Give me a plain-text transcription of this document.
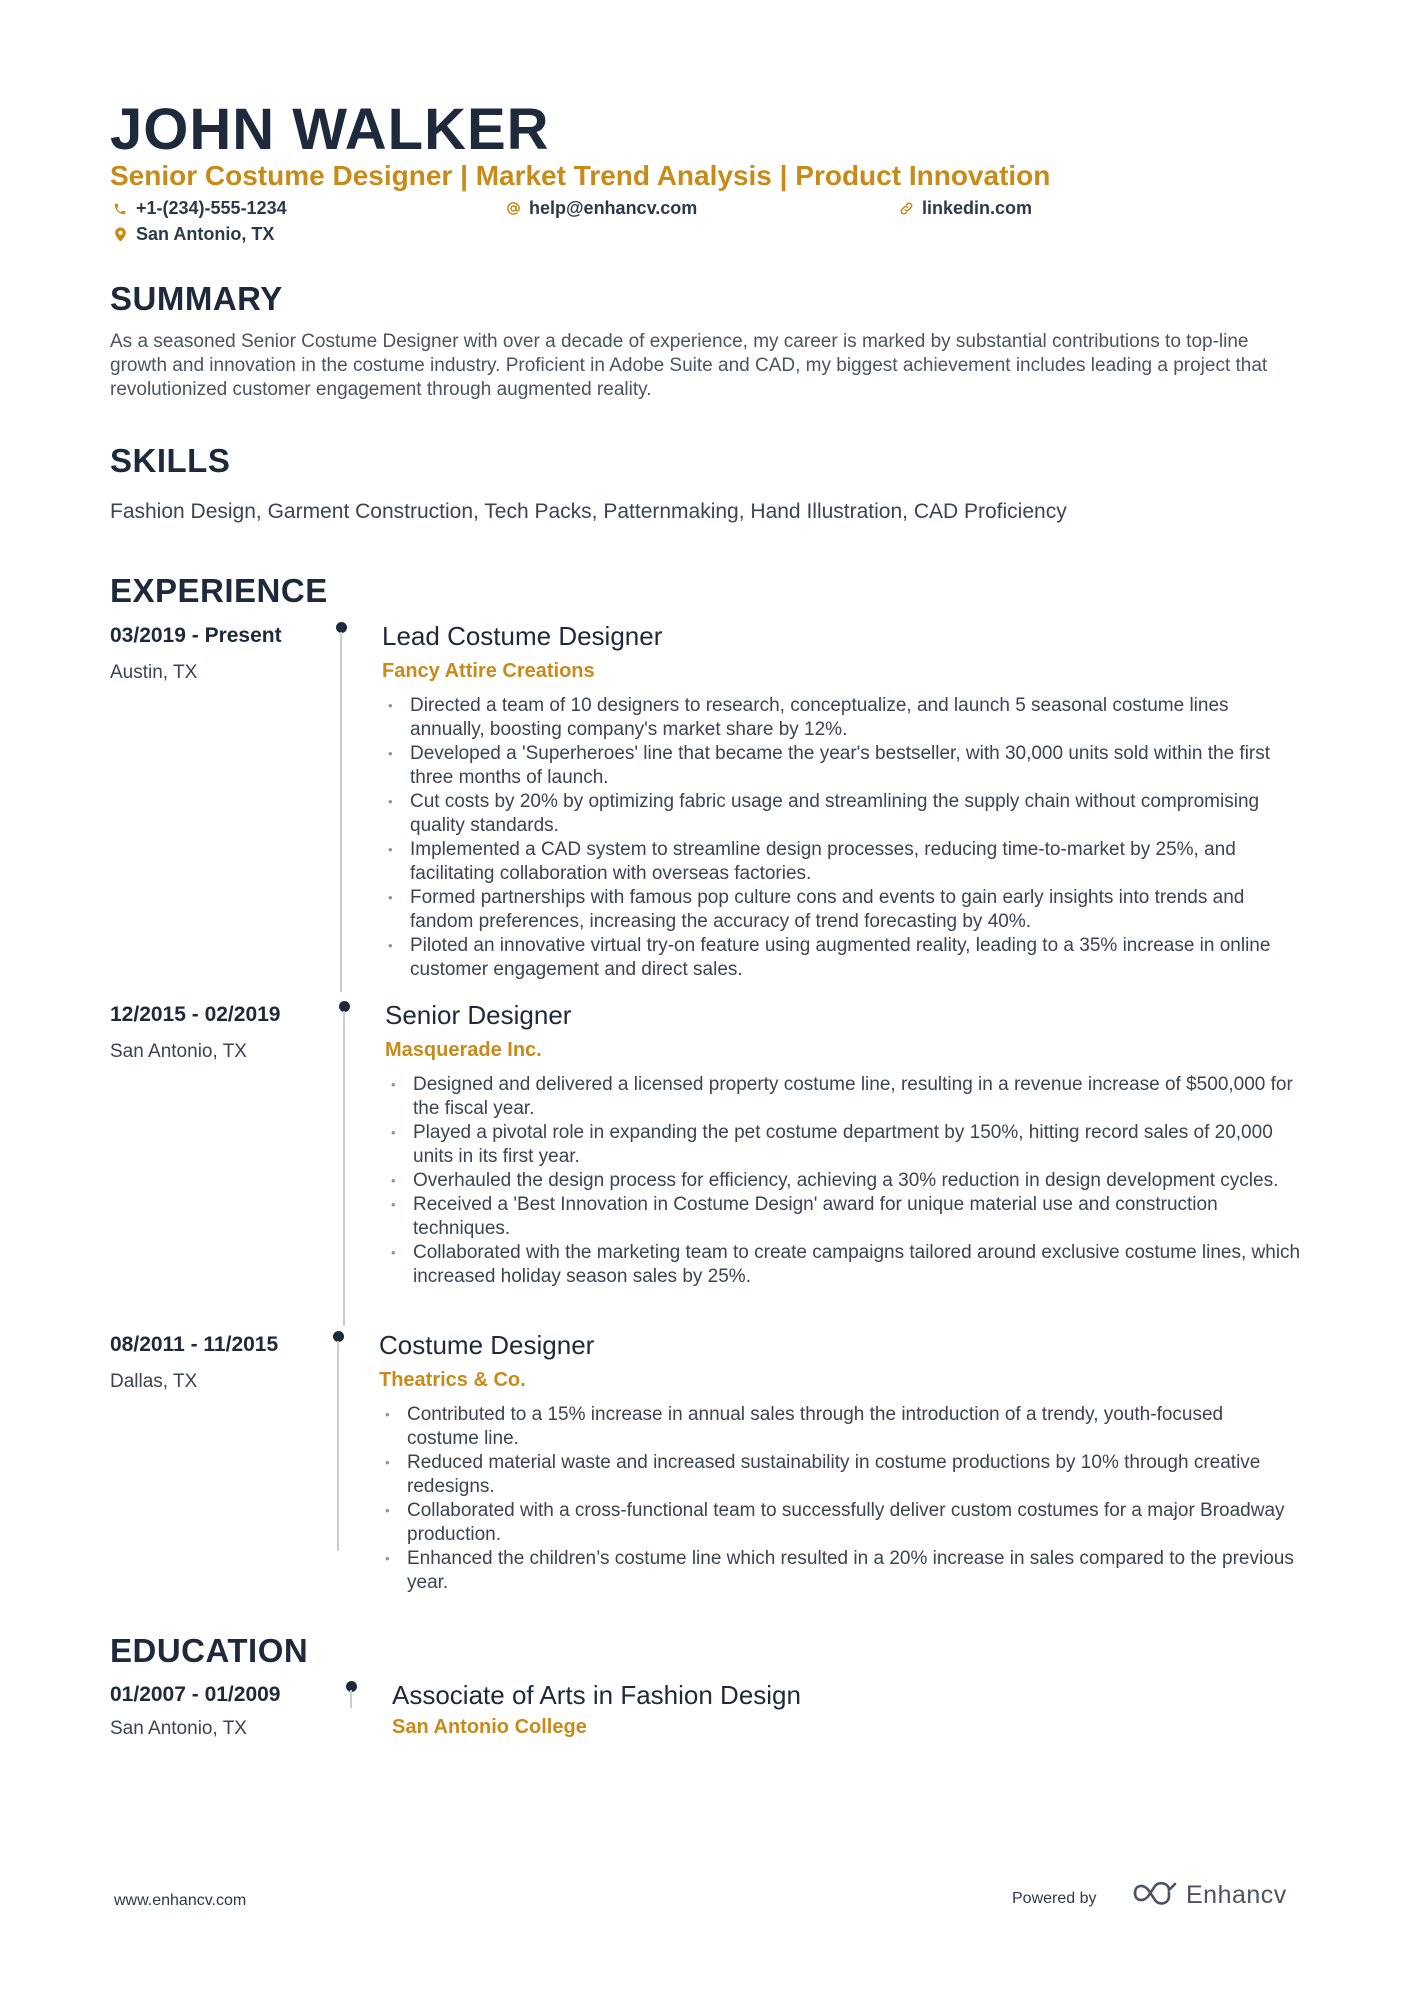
JOHN WALKER
Senior Costume Designer | Market Trend Analysis | Product Innovation
+1-(234)-555-1234	help@enhancv.com	linkedin.com
San Antonio, TX
SUMMARY
As a seasoned Senior Costume Designer with over a decade of experience, my career is marked by substantial contributions to top-line growth and innovation in the costume industry. Proficient in Adobe Suite and CAD, my biggest achievement includes leading a project that revolutionized customer engagement through augmented reality.
SKILLS
Fashion Design, Garment Construction, Tech Packs, Patternmaking, Hand Illustration, CAD Proficiency
EXPERIENCE
03/2019 - Present
Austin, TX
Lead Costume Designer
Fancy Attire Creations
• Directed a team of 10 designers to research, conceptualize, and launch 5 seasonal costume lines annually, boosting company's market share by 12%.
• Developed a 'Superheroes' line that became the year's bestseller, with 30,000 units sold within the first three months of launch.
• Cut costs by 20% by optimizing fabric usage and streamlining the supply chain without compromising quality standards.
• Implemented a CAD system to streamline design processes, reducing time-to-market by 25%, and facilitating collaboration with overseas factories.
• Formed partnerships with famous pop culture cons and events to gain early insights into trends and fandom preferences, increasing the accuracy of trend forecasting by 40%.
• Piloted an innovative virtual try-on feature using augmented reality, leading to a 35% increase in online customer engagement and direct sales.
12/2015 - 02/2019
San Antonio, TX
Senior Designer
Masquerade Inc.
• Designed and delivered a licensed property costume line, resulting in a revenue increase of $500,000 for the fiscal year.
• Played a pivotal role in expanding the pet costume department by 150%, hitting record sales of 20,000 units in its first year.
• Overhauled the design process for efficiency, achieving a 30% reduction in design development cycles.
• Received a 'Best Innovation in Costume Design' award for unique material use and construction techniques.
• Collaborated with the marketing team to create campaigns tailored around exclusive costume lines, which increased holiday season sales by 25%.
08/2011 - 11/2015
Dallas, TX
Costume Designer
Theatrics & Co.
• Contributed to a 15% increase in annual sales through the introduction of a trendy, youth-focused costume line.
• Reduced material waste and increased sustainability in costume productions by 10% through creative redesigns.
• Collaborated with a cross-functional team to successfully deliver custom costumes for a major Broadway production.
• Enhanced the children’s costume line which resulted in a 20% increase in sales compared to the previous year.
EDUCATION
01/2007 - 01/2009
San Antonio, TX
Associate of Arts in Fashion Design
San Antonio College
www.enhancv.com	Powered by	Enhancv
